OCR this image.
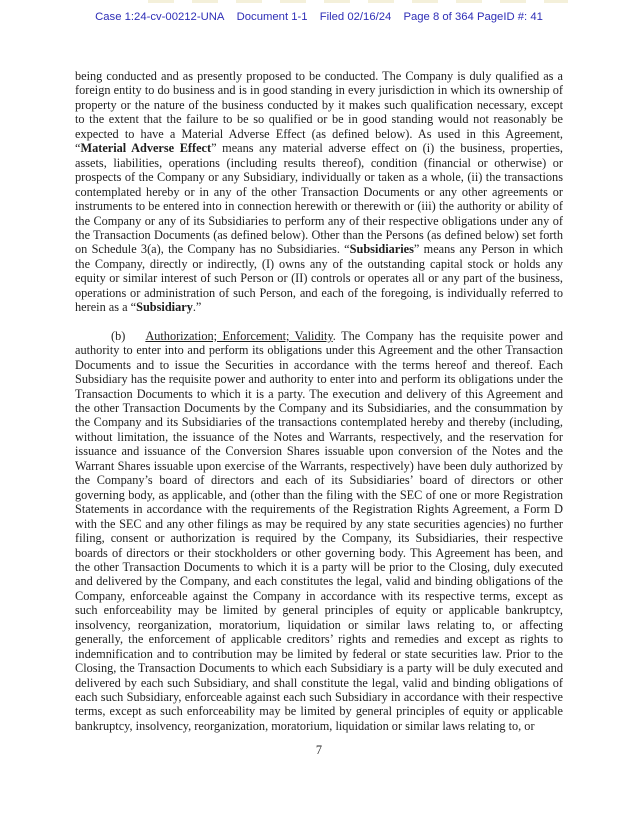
Case 1:24-cv-00212-UNA Document 1-1 Filed 02/16/24 Page 8 of 364 PageID #: 41

being conducted and as presently proposed to be conducted. The Company is duly qualified as a foreign entity to do business and is in good standing in every jurisdiction in which its ownership of property or the nature of the business conducted by it makes such qualification necessary, except to the extent that the failure to be so qualified or be in good standing would not reasonably be expected to have a Material Adverse Effect (as defined below). As used in this Agreement, “Material Adverse Effect” means any material adverse effect on (i) the business, properties, assets, liabilities, operations (including results thereof), condition (financial or otherwise) or prospects of the Company or any Subsidiary, individually or taken as a whole, (ii) the transactions contemplated hereby or in any of the other Transaction Documents or any other agreements or instruments to be entered into in connection herewith or therewith or (iii) the authority or ability of the Company or any of its Subsidiaries to perform any of their respective obligations under any of the Transaction Documents (as defined below). Other than the Persons (as defined below) set forth on Schedule 3(a), the Company has no Subsidiaries. “Subsidiaries” means any Person in which the Company, directly or indirectly, (I) owns any of the outstanding capital stock or holds any equity or similar interest of such Person or (II) controls or operates all or any part of the business, operations or administration of such Person, and each of the foregoing, is individually referred to herein as a “Subsidiary.”

(b) Authorization; Enforcement; Validity. The Company has the requisite power and authority to enter into and perform its obligations under this Agreement and the other Transaction Documents and to issue the Securities in accordance with the terms hereof and thereof. Each Subsidiary has the requisite power and authority to enter into and perform its obligations under the Transaction Documents to which it is a party. The execution and delivery of this Agreement and the other Transaction Documents by the Company and its Subsidiaries, and the consummation by the Company and its Subsidiaries of the transactions contemplated hereby and thereby (including, without limitation, the issuance of the Notes and Warrants, respectively, and the reservation for issuance and issuance of the Conversion Shares issuable upon conversion of the Notes and the Warrant Shares issuable upon exercise of the Warrants, respectively) have been duly authorized by the Company’s board of directors and each of its Subsidiaries’ board of directors or other governing body, as applicable, and (other than the filing with the SEC of one or more Registration Statements in accordance with the requirements of the Registration Rights Agreement, a Form D with the SEC and any other filings as may be required by any state securities agencies) no further filing, consent or authorization is required by the Company, its Subsidiaries, their respective boards of directors or their stockholders or other governing body. This Agreement has been, and the other Transaction Documents to which it is a party will be prior to the Closing, duly executed and delivered by the Company, and each constitutes the legal, valid and binding obligations of the Company, enforceable against the Company in accordance with its respective terms, except as such enforceability may be limited by general principles of equity or applicable bankruptcy, insolvency, reorganization, moratorium, liquidation or similar laws relating to, or affecting generally, the enforcement of applicable creditors’ rights and remedies and except as rights to indemnification and to contribution may be limited by federal or state securities law. Prior to the Closing, the Transaction Documents to which each Subsidiary is a party will be duly executed and delivered by each such Subsidiary, and shall constitute the legal, valid and binding obligations of each such Subsidiary, enforceable against each such Subsidiary in accordance with their respective terms, except as such enforceability may be limited by general principles of equity or applicable bankruptcy, insolvency, reorganization, moratorium, liquidation or similar laws relating to, or

7
